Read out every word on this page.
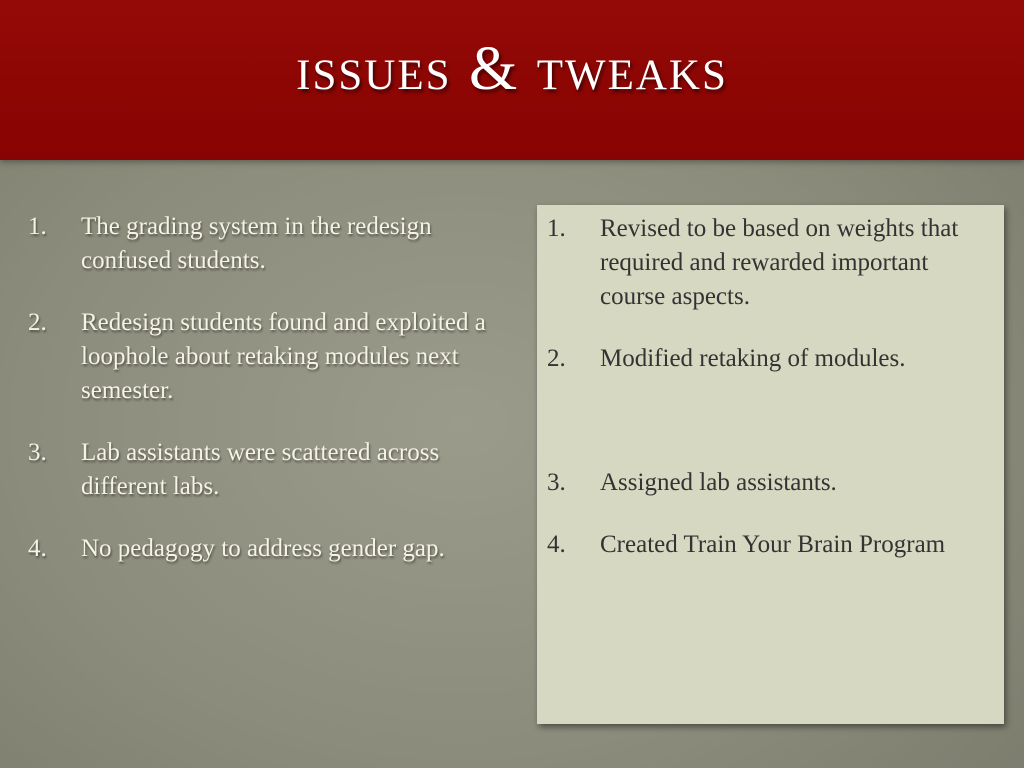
issues & tweaks
1. The grading system in the redesign confused students.
2. Redesign students found and exploited a loophole about retaking modules next semester.
3. Lab assistants were scattered across different labs.
4. No pedagogy to address gender gap.
1. Revised to be based on weights that required and rewarded important course aspects.
2. Modified retaking of modules.
3. Assigned lab assistants.
4. Created Train Your Brain Program
